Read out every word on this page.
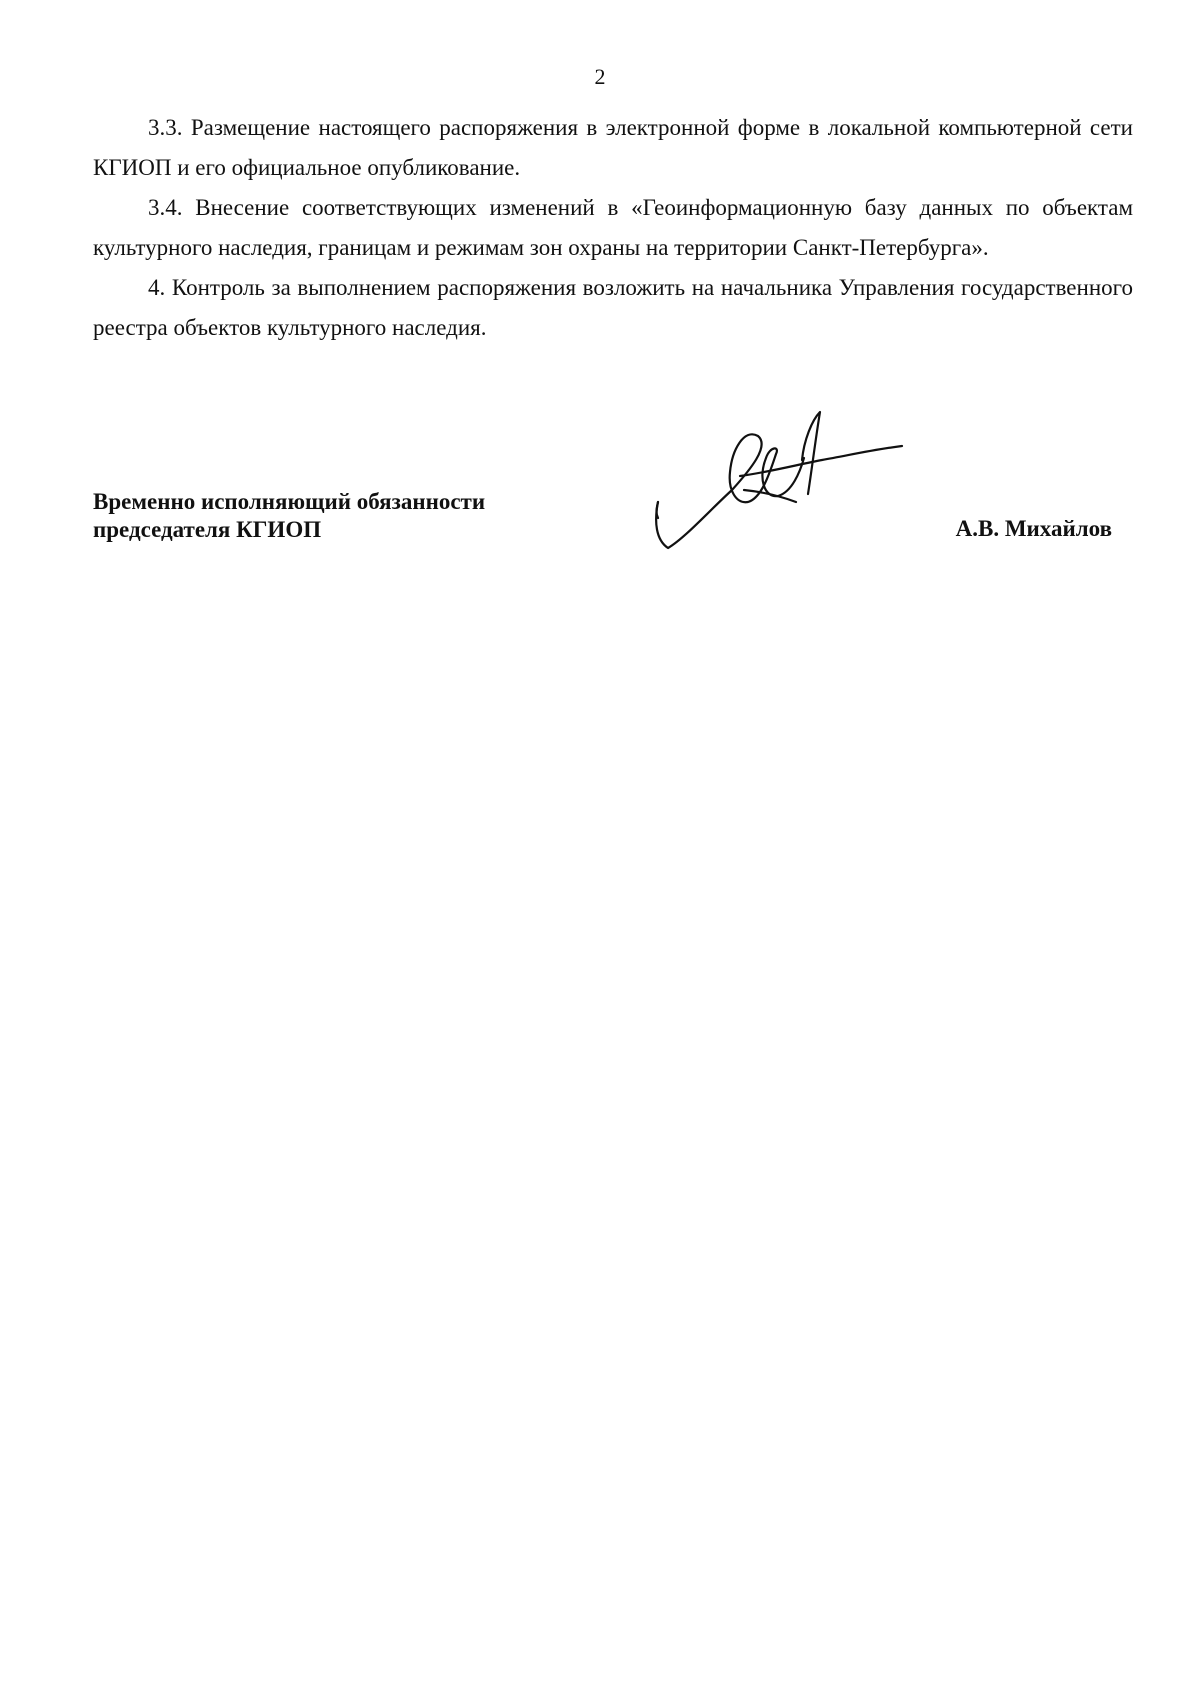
2

3.3. Размещение настоящего распоряжения в электронной форме в локальной компьютерной сети КГИОП и его официальное опубликование.

3.4. Внесение соответствующих изменений в «Геоинформационную базу данных по объектам культурного наследия, границам и режимам зон охраны на территории Санкт-Петербурга».

4. Контроль за выполнением распоряжения возложить на начальника Управления государственного реестра объектов культурного наследия.

Временно исполняющий обязанности
председателя КГИОП	А.В. Михайлов
